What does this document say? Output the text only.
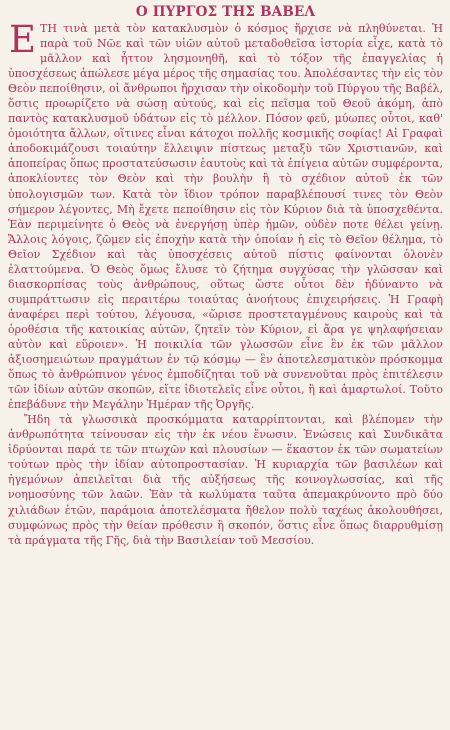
Ο ΠΥΡΓΟΣ ΤΗΣ ΒΑΒΕΛ

ΕΤΗ τινὰ μετὰ τὸν κατακλυσμὸν ὁ κόσμος ἤρχισε νὰ πληθύνεται. Ἡ παρὰ τοῦ Νῶε καὶ τῶν υἱῶν αὐτοῦ μεταδοθεῖσα ἱστορία εἶχε, κατὰ τὸ μᾶλλον καὶ ἧττον λησμονηθῆ, καὶ τὸ τόξον τῆς ἐπαγγελίας ἡ ὑποσχέσεως ἀπώλεσε μέγα μέρος τῆς σημασίας του. Ἀπολέσαντες τὴν εἰς τὸν Θεὸν πεποίθησιν, οἱ ἄνθρωποι ἤρχισαν τὴν οἰκοδομὴν τοῦ Πύργου τῆς Βαβέλ, ὅστις προωρίζετο νὰ σώσῃ αὐτούς, καὶ εἰς πεῖσμα τοῦ Θεοῦ ἀκόμη, ἀπὸ παντὸς κατακλυσμοῦ ὑδάτων εἰς τὸ μέλλον. Πόσον φεῦ, μύωπες οὗτοι, καθ' ὁμοιότητα ἄλλων, οἵτινες εἶναι κάτοχοι πολλῆς κοσμικῆς σοφίας! Αἱ Γραφαὶ ἀποδοκιμάζουσι τοιαύτην ἔλλειψιν πίστεως μεταξὺ τῶν Χριστιανῶν, καὶ ἀποπείρας ὅπως προστατεύσωσιν ἑαυτοὺς καὶ τὰ ἐπίγεια αὐτῶν συμφέροντα, ἀποκλίοντες τὸν Θεὸν καὶ τὴν βουλὴν ἢ τὸ σχέδιον αὐτοῦ ἐκ τῶν ὑπολογισμῶν των. Κατὰ τὸν ἴδιον τρόπον παραβλέπουσί τινες τὸν Θεὸν σήμερον λέγοντες, Μὴ ἔχετε πεποίθησιν εἰς τὸν Κύριον διὰ τὰ ὑποσχεθέντα. Ἐὰν περιμείνητε ὁ Θεὸς νὰ ἐνεργήσῃ ὑπὲρ ἡμῶν, οὐδὲν ποτε θέλει γείνῃ. Ἄλλοις λόγοις, ζῶμεν εἰς ἐποχὴν κατὰ τὴν ὁποίαν ἡ εἰς τὸ Θεῖον θέλημα, τὸ Θεῖον Σχέδιον καὶ τὰς ὑποσχέσεις αὐτοῦ πίστις φαίνονται ὁλονὲν ἐλαττούμενα. Ὁ Θεὸς ὅμως ἔλυσε τὸ ζήτημα συγχύσας τὴν γλῶσσαν καὶ διασκορπίσας τοὺς ἀνθρώπους, οὕτως ὥστε οὗτοι δὲν ἠδύναντο νὰ συμπράττωσιν εἰς περαιτέρω τοιαύτας ἀνοήτους ἐπιχειρήσεις. Ἡ Γραφὴ ἀναφέρει περὶ τούτου, λέγουσα, «ὥρισε προστεταγμένους καιροὺς καὶ τὰ ὁροθέσια τῆς κατοικίας αὐτῶν, ζητεῖν τὸν Κύριον, εἰ ἄρα γε ψηλαφήσειαν αὐτὸν καὶ εὕροιεν». Ἡ ποικιλία τῶν γλωσσῶν εἶνε ἓν ἐκ τῶν μᾶλλον ἀξιοσημειώτων πραγμάτων ἐν τῷ κόσμῳ — ἓν ἀποτελεσματικὸν πρόσκομμα ὅπως τὸ ἀνθρώπινον γένος ἐμποδίζηται τοῦ νὰ συνενοῦται πρὸς ἐπιτέλεσιν τῶν ἰδίων αὐτῶν σκοπῶν, εἴτε ἰδιοτελεῖς εἶνε οὗτοι, ἢ καὶ ἁμαρτωλοί. Τοῦτο ἐπεβάδυνε τὴν Μεγάλην Ἡμέραν τῆς Ὀργῆς.

Ἤδη τὰ γλωσσικὰ προσκόμματα καταρρίπτονται, καὶ βλέπομεν τὴν ἀνθρωπότητα τείνουσαν εἰς τὴν ἐκ νέου ἕνωσιν. Ἑνώσεις καὶ Συνδικᾶτα ἱδρύονται παρά τε τῶν πτωχῶν καὶ πλουσίων — ἕκαστον ἐκ τῶν σωματείων τούτων πρὸς τὴν ἰδίαν αὐτοπροστασίαν. Ἡ κυριαρχία τῶν βασιλέων καὶ ἡγεμόνων ἀπειλεῖται διὰ τῆς αὐξήσεως τῆς κοινογλωσσίας, καὶ τῆς νοημοσύνης τῶν λαῶν. Ἐὰν τὰ κωλύματα ταῦτα ἀπεμακρύνοντο πρὸ δύο χιλιάδων ἐτῶν, παράμοια ἀποτελέσματα ἤθελον πολὺ ταχέως ἀκολουθήσει, συμφώνως πρὸς τὴν θείαν πρόθεσιν ἢ σκοπόν, ὅστις εἶνε ὅπως διαρρυθμίσῃ τὰ πράγματα τῆς Γῆς, διὰ τὴν Βασιλείαν τοῦ Μεσσίου.
